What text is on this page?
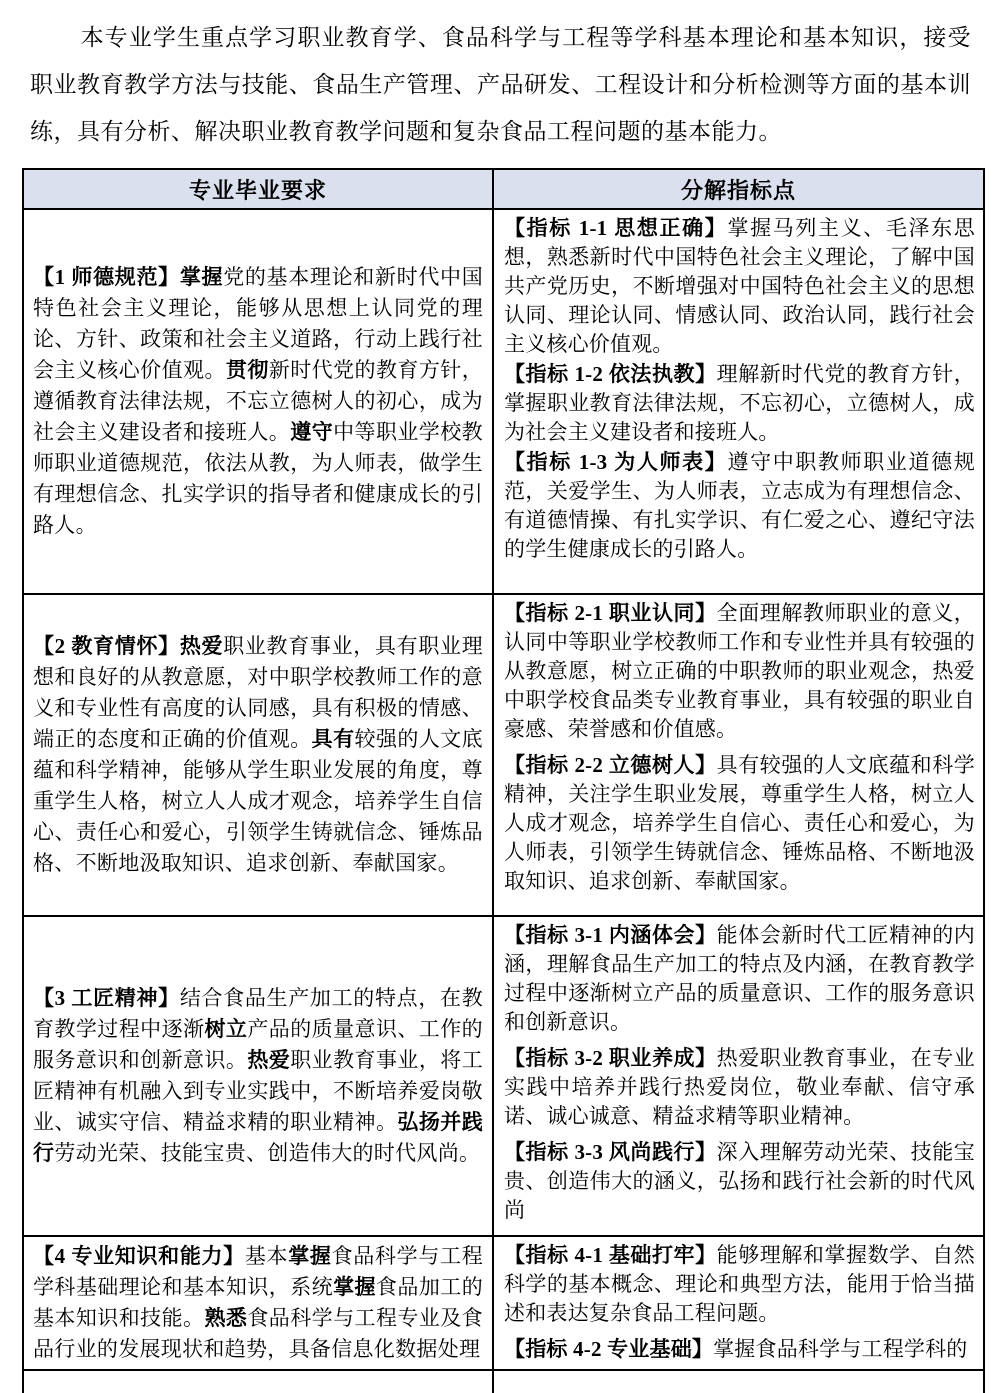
本专业学生重点学习职业教育学、食品科学与工程等学科基本理论和基本知识，接受职业教育教学方法与技能、食品生产管理、产品研发、工程设计和分析检测等方面的基本训练，具有分析、解决职业教育教学问题和复杂食品工程问题的基本能力。

专业毕业要求	分解指标点
【1 师德规范】掌握党的基本理论和新时代中国特色社会主义理论，能够从思想上认同党的理论、方针、政策和社会主义道路，行动上践行社会主义核心价值观。贯彻新时代党的教育方针，遵循教育法律法规，不忘立德树人的初心，成为社会主义建设者和接班人。遵守中等职业学校教师职业道德规范，依法从教，为人师表，做学生有理想信念、扎实学识的指导者和健康成长的引路人。	【指标 1-1 思想正确】掌握马列主义、毛泽东思想，熟悉新时代中国特色社会主义理论，了解中国共产党历史，不断增强对中国特色社会主义的思想认同、理论认同、情感认同、政治认同，践行社会主义核心价值观。
【指标 1-2 依法执教】理解新时代党的教育方针，掌握职业教育法律法规，不忘初心，立德树人，成为社会主义建设者和接班人。
【指标 1-3 为人师表】遵守中职教师职业道德规范，关爱学生、为人师表，立志成为有理想信念、有道德情操、有扎实学识、有仁爱之心、遵纪守法的学生健康成长的引路人。

【2 教育情怀】热爱职业教育事业，具有职业理想和良好的从教意愿，对中职学校教师工作的意义和专业性有高度的认同感，具有积极的情感、端正的态度和正确的价值观。具有较强的人文底蕴和科学精神，能够从学生职业发展的角度，尊重学生人格，树立人人成才观念，培养学生自信心、责任心和爱心，引领学生铸就信念、锤炼品格、不断地汲取知识、追求创新、奉献国家。	【指标 2-1 职业认同】全面理解教师职业的意义，认同中等职业学校教师工作和专业性并具有较强的从教意愿，树立正确的中职教师的职业观念，热爱中职学校食品类专业教育事业，具有较强的职业自豪感、荣誉感和价值感。
【指标 2-2 立德树人】具有较强的人文底蕴和科学精神，关注学生职业发展，尊重学生人格，树立人人成才观念，培养学生自信心、责任心和爱心，为人师表，引领学生铸就信念、锤炼品格、不断地汲取知识、追求创新、奉献国家。

【3 工匠精神】结合食品生产加工的特点，在教育教学过程中逐渐树立产品的质量意识、工作的服务意识和创新意识。热爱职业教育事业，将工匠精神有机融入到专业实践中，不断培养爱岗敬业、诚实守信、精益求精的职业精神。弘扬并践行劳动光荣、技能宝贵、创造伟大的时代风尚。	【指标 3-1 内涵体会】能体会新时代工匠精神的内涵，理解食品生产加工的特点及内涵，在教育教学过程中逐渐树立产品的质量意识、工作的服务意识和创新意识。
【指标 3-2 职业养成】热爱职业教育事业，在专业实践中培养并践行热爱岗位，敬业奉献、信守承诺、诚心诚意、精益求精等职业精神。
【指标 3-3 风尚践行】深入理解劳动光荣、技能宝贵、创造伟大的涵义，弘扬和践行社会新的时代风尚

【4 专业知识和能力】基本掌握食品科学与工程学科基础理论和基本知识，系统掌握食品加工的基本知识和技能。熟悉食品科学与工程专业及食品行业的发展现状和趋势，具备信息化数据处理	【指标 4-1 基础打牢】能够理解和掌握数学、自然科学的基本概念、理论和典型方法，能用于恰当描述和表达复杂食品工程问题。
【指标 4-2 专业基础】掌握食品科学与工程学科的
